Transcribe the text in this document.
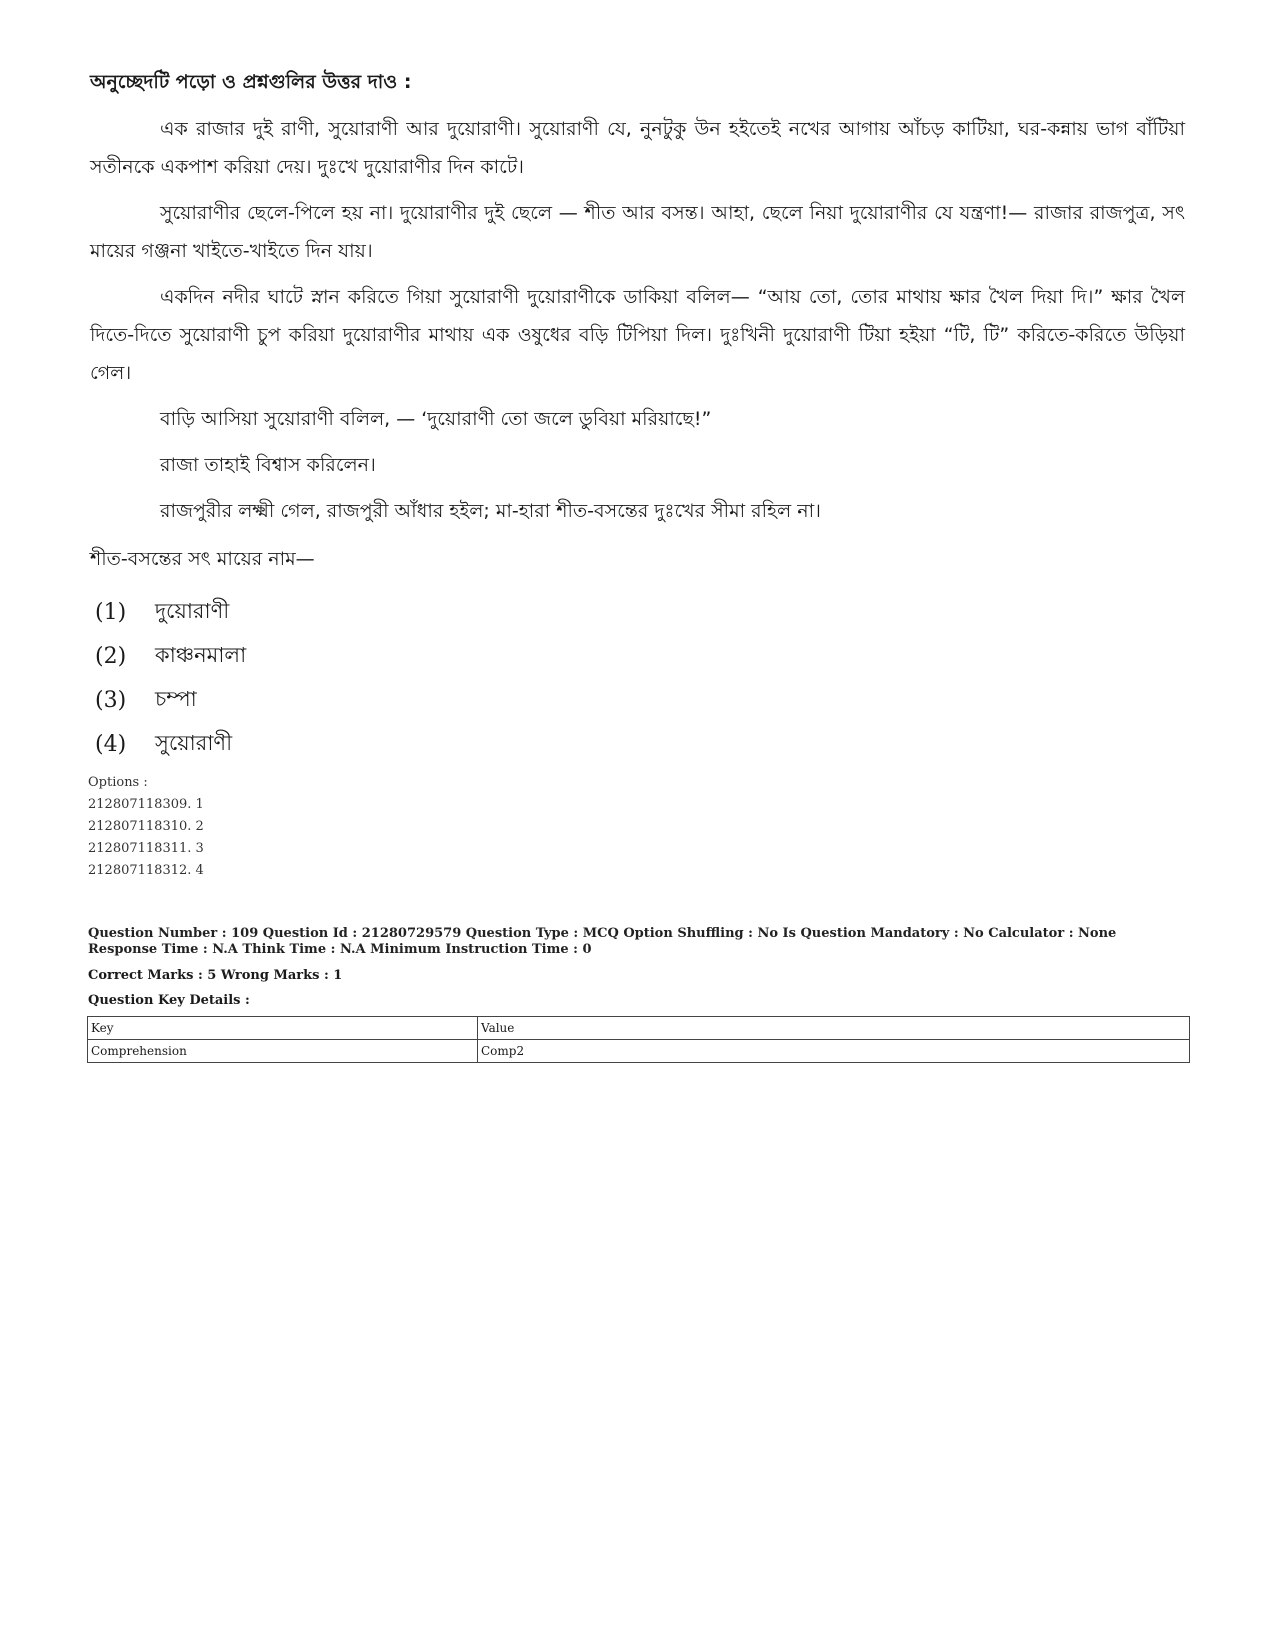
অনুচ্ছেদটি পড়ো ও প্রশ্নগুলির উত্তর দাও :

এক রাজার দুই রাণী, সুয়োরাণী আর দুয়োরাণী। সুয়োরাণী যে, নুনটুকু উন হইতেই নখের আগায় আঁচড় কাটিয়া, ঘর-কন্নায় ভাগ বাঁটিয়া সতীনকে একপাশ করিয়া দেয়। দুঃখে দুয়োরাণীর দিন কাটে।

সুয়োরাণীর ছেলে-পিলে হয় না। দুয়োরাণীর দুই ছেলে — শীত আর বসন্ত। আহা, ছেলে নিয়া দুয়োরাণীর যে যন্ত্রণা!— রাজার রাজপুত্র, সৎ মায়ের গঞ্জনা খাইতে-খাইতে দিন যায়।

একদিন নদীর ঘাটে স্নান করিতে গিয়া সুয়োরাণী দুয়োরাণীকে ডাকিয়া বলিল— “আয় তো, তোর মাথায় ক্ষার খৈল দিয়া দি।” ক্ষার খৈল দিতে-দিতে সুয়োরাণী চুপ করিয়া দুয়োরাণীর মাথায় এক ওষুধের বড়ি টিপিয়া দিল। দুঃখিনী দুয়োরাণী টিয়া হইয়া “টি, টি” করিতে-করিতে উড়িয়া গেল।

বাড়ি আসিয়া সুয়োরাণী বলিল, — ‘দুয়োরাণী তো জলে ডুবিয়া মরিয়াছে!”

রাজা তাহাই বিশ্বাস করিলেন।

রাজপুরীর লক্ষ্মী গেল, রাজপুরী আঁধার হইল; মা-হারা শীত-বসন্তের দুঃখের সীমা রহিল না।

শীত-বসন্তের সৎ মায়ের নাম—
(1)	দুয়োরাণী
(2)	কাঞ্চনমালা
(3)	চম্পা
(4)	সুয়োরাণী
Options :
212807118309. 1
212807118310. 2
212807118311. 3
212807118312. 4
Question Number : 109 Question Id : 21280729579 Question Type : MCQ Option Shuffling : No Is Question Mandatory : No Calculator : None Response Time : N.A Think Time : N.A Minimum Instruction Time : 0
Correct Marks : 5 Wrong Marks : 1
Question Key Details :
Key	Value
Comprehension	Comp2
